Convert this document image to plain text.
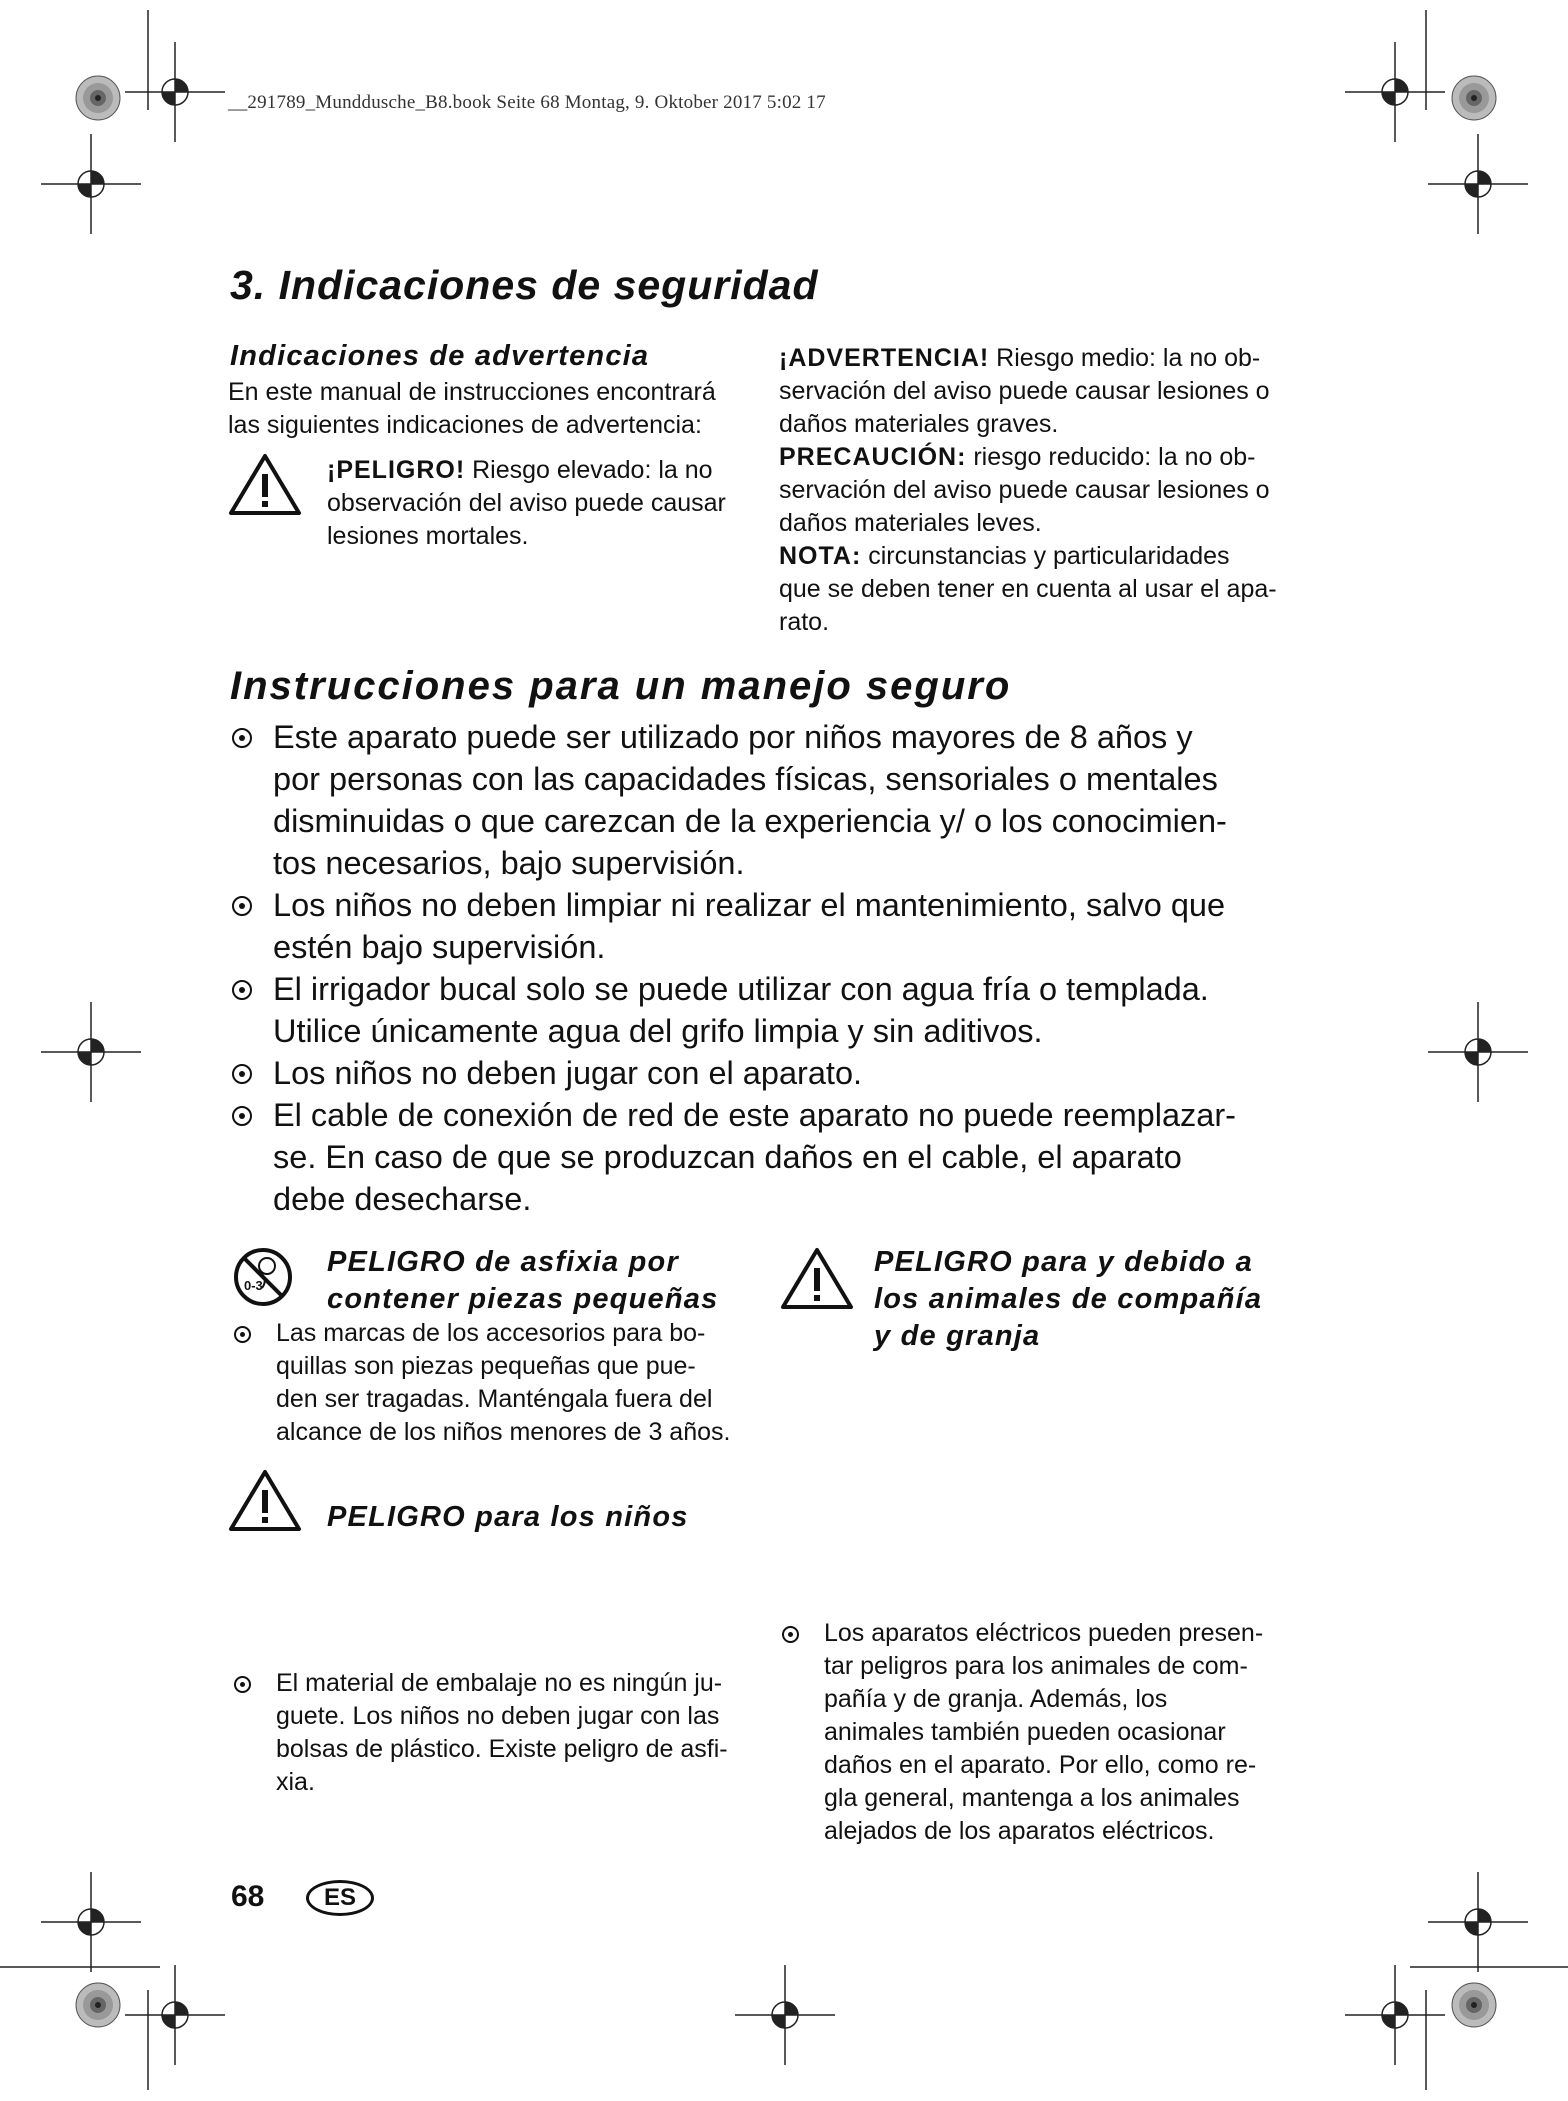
__291789_Munddusche_B8.book Seite 68 Montag, 9. Oktober 2017 5:02 17
3. Indicaciones de seguridad
Indicaciones de advertencia
En este manual de instrucciones encontrará
las siguientes indicaciones de advertencia:
¡PELIGRO! Riesgo elevado: la no
observación del aviso puede causar
lesiones mortales.
¡ADVERTENCIA! Riesgo medio: la no ob-
servación del aviso puede causar lesiones o
daños materiales graves.
PRECAUCIÓN: riesgo reducido: la no ob-
servación del aviso puede causar lesiones o
daños materiales leves.
NOTA: circunstancias y particularidades
que se deben tener en cuenta al usar el apa-
rato.
Instrucciones para un manejo seguro
Este aparato puede ser utilizado por niños mayores de 8 años y
por personas con las capacidades físicas, sensoriales o mentales
disminuidas o que carezcan de la experiencia y/ o los conocimien-
tos necesarios, bajo supervisión.
Los niños no deben limpiar ni realizar el mantenimiento, salvo que
estén bajo supervisión.
El irrigador bucal solo se puede utilizar con agua fría o templada.
Utilice únicamente agua del grifo limpia y sin aditivos.
Los niños no deben jugar con el aparato.
El cable de conexión de red de este aparato no puede reemplazar-
se. En caso de que se produzcan daños en el cable, el aparato
debe desecharse.
0-3
PELIGRO de asfixia por
contener piezas pequeñas
Las marcas de los accesorios para bo-
quillas son piezas pequeñas que pue-
den ser tragadas. Manténgala fuera del
alcance de los niños menores de 3 años.
PELIGRO para los niños
El material de embalaje no es ningún ju-
guete. Los niños no deben jugar con las
bolsas de plástico. Existe peligro de asfi-
xia.
PELIGRO para y debido a
los animales de compañía
y de granja
Los aparatos eléctricos pueden presen-
tar peligros para los animales de com-
pañía y de granja. Además, los
animales también pueden ocasionar
daños en el aparato. Por ello, como re-
gla general, mantenga a los animales
alejados de los aparatos eléctricos.
68	ES
